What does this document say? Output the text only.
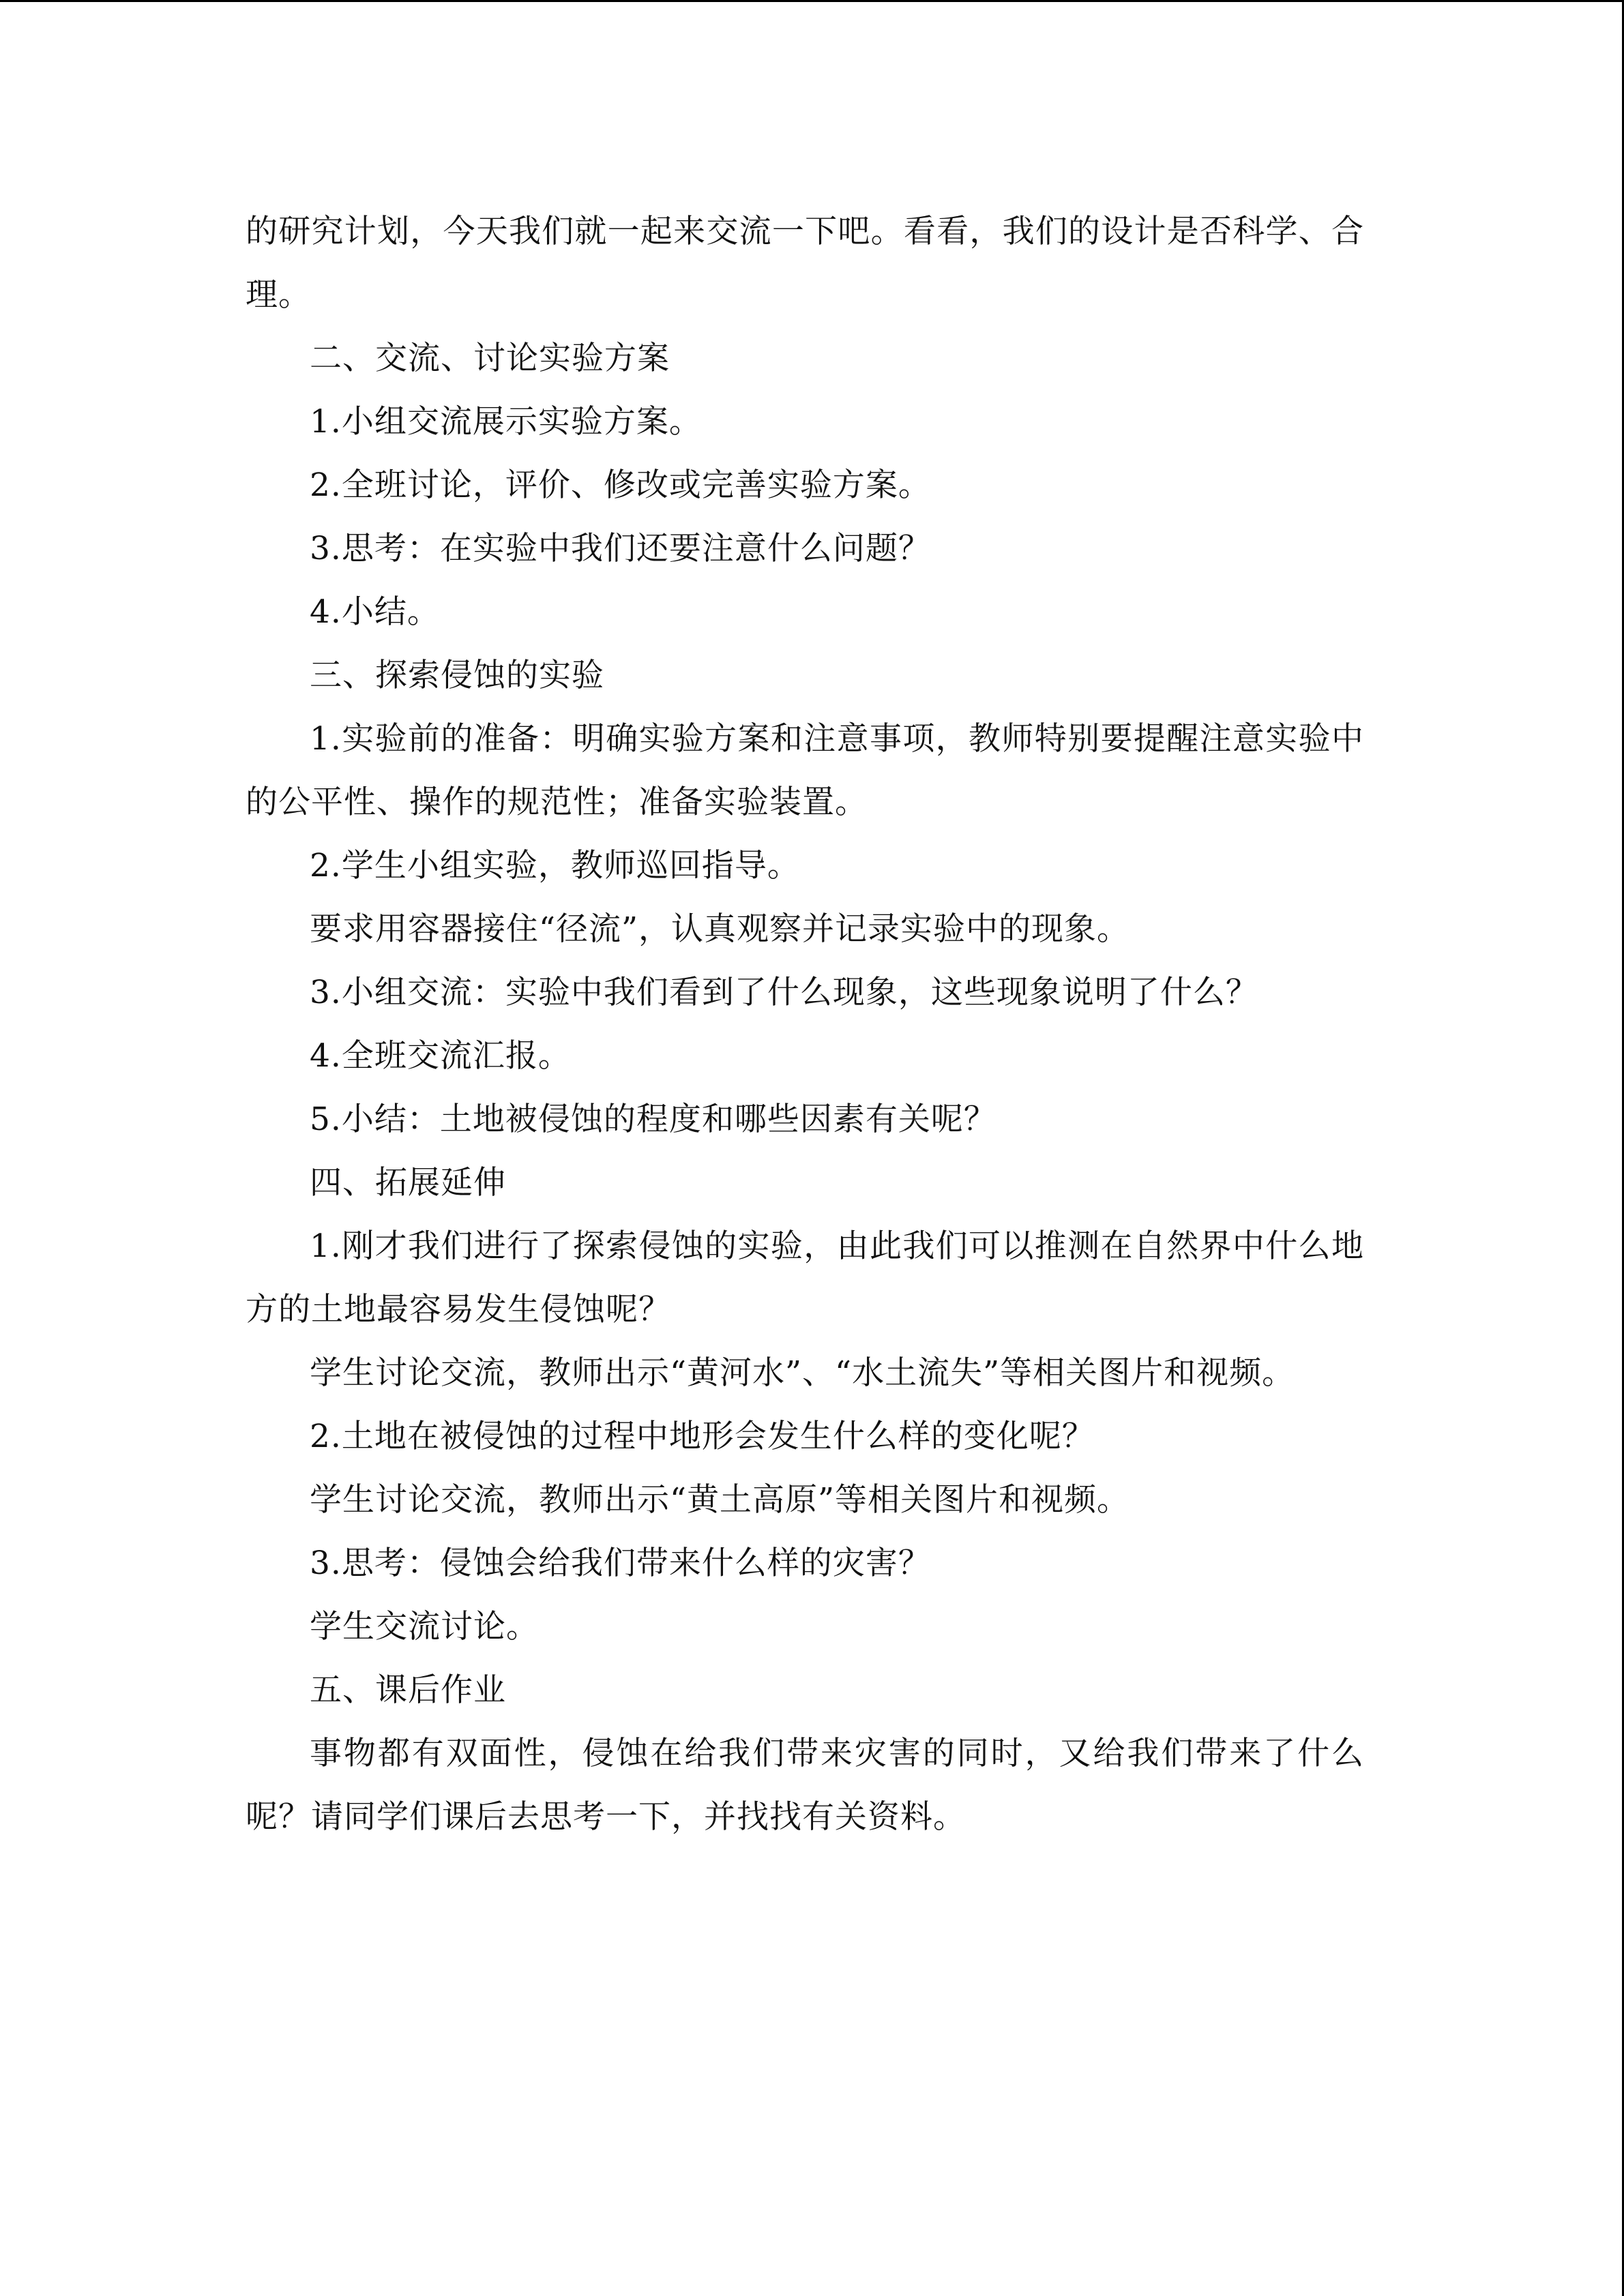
的研究计划，今天我们就一起来交流一下吧。看看，我们的设计是否科学、合理。

二、交流、讨论实验方案

1.小组交流展示实验方案。

2.全班讨论，评价、修改或完善实验方案。

3.思考：在实验中我们还要注意什么问题？

4.小结。

三、探索侵蚀的实验

1.实验前的准备：明确实验方案和注意事项，教师特别要提醒注意实验中的公平性、操作的规范性；准备实验装置。

2.学生小组实验，教师巡回指导。

要求用容器接住“径流”，认真观察并记录实验中的现象。

3.小组交流：实验中我们看到了什么现象，这些现象说明了什么？

4.全班交流汇报。

5.小结：土地被侵蚀的程度和哪些因素有关呢？

四、拓展延伸

1.刚才我们进行了探索侵蚀的实验，由此我们可以推测在自然界中什么地方的土地最容易发生侵蚀呢？

学生讨论交流，教师出示“黄河水”、“水土流失”等相关图片和视频。

2.土地在被侵蚀的过程中地形会发生什么样的变化呢？

学生讨论交流，教师出示“黄土高原”等相关图片和视频。

3.思考：侵蚀会给我们带来什么样的灾害？

学生交流讨论。

五、课后作业

事物都有双面性，侵蚀在给我们带来灾害的同时，又给我们带来了什么呢？请同学们课后去思考一下，并找找有关资料。
